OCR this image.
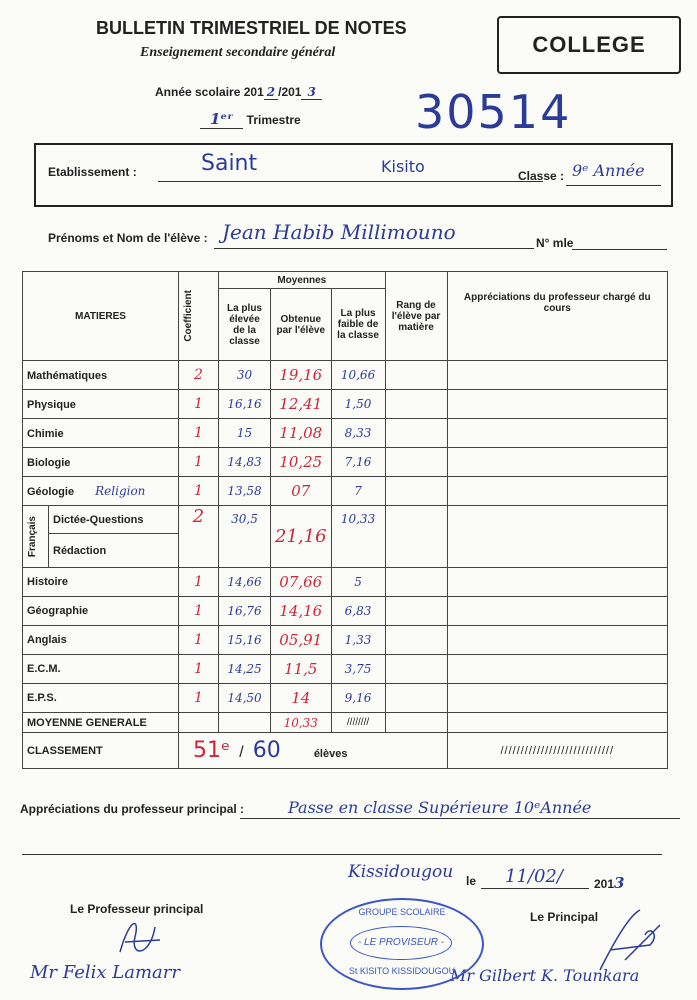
BULLETIN TRIMESTRIEL DE NOTES
Enseignement secondaire général	COLLEGE
Année scolaire 201 2 /201 3
1ᵉʳ Trimestre 30514
Etablissement :	Saint	Kisito	Classe : 9ᵉ Année
Prénoms et Nom de l'élève : Jean Habib Millimouno	N° mle
MATIERES		Coefficient	Moyennes			Rang de l'élève par matière	Appréciations du professeur chargé du cours
			La plus élevée de la classe	Obtenue par l'élève	La plus faible de la classe		
Mathématiques		2	30	19,16	10,66		
Physique		1	16,16	12,41	1,50		
Chimie		1	15	11,08	8,33		
Biologie		1	14,83	10,25	7,16		
Géologie Religion		1	13,58	07	7		

Français	Dictée-Questions	2	30,5	21,16	10,33		
	Rédaction						
Histoire		1	14,66	07,66	5		
Géographie		1	16,76	14,16	6,83		
Anglais		1	15,16	05,91	1,33		
E.C.M.		1	14,25	11,5	3,75		
E.P.S.		1	14,50	14	9,16		
MOYENNE GENERALE				10,33	////////		
CLASSEMENT		51ᵉ / 60 élèves					////////////////////////////
Appréciations du professeur principal :	Passe en classe Supérieure 10ᵉAnnée
Kissidougou le 11/02/	2013
Le Professeur principal
Le Principal
Mr Felix Lamarr	Mr Gilbert K. Tounkara
GROUPE SCOLAIRE
- LE PROVISEUR -
St KISITO KISSIDOUGOU
